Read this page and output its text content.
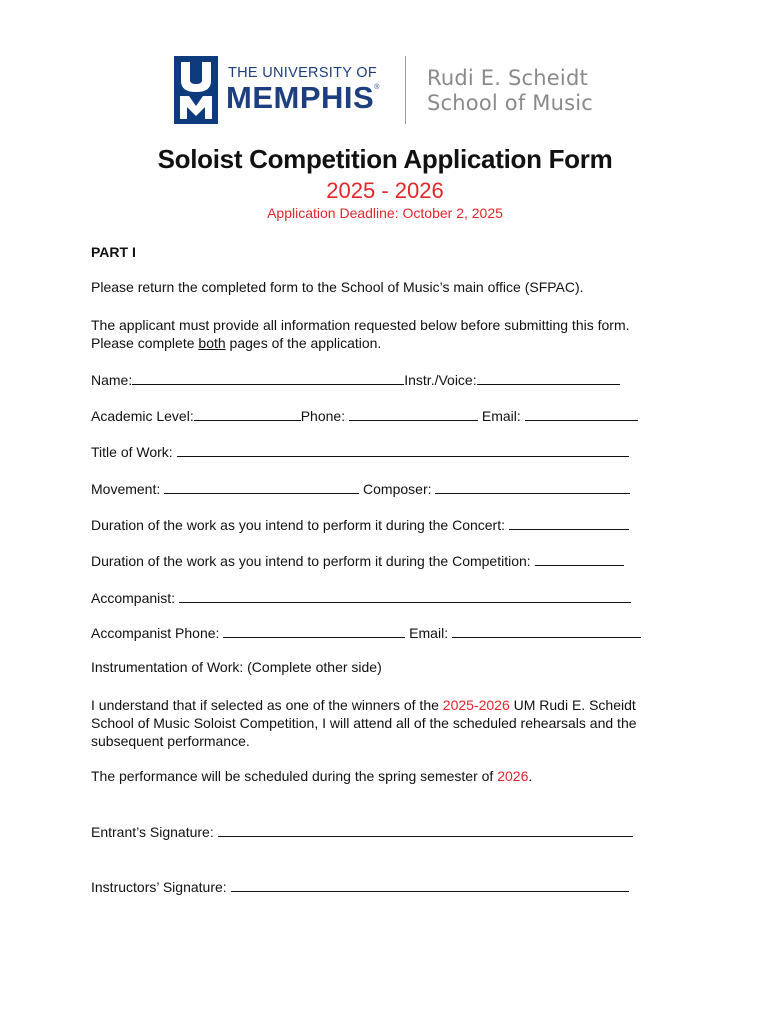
THE UNIVERSITY OF
MEMPHIS® Rudi E. Scheidt
School of Music
Soloist Competition Application Form
2025 - 2026
Application Deadline: October 2, 2025
PART I
Please return the completed form to the School of Music’s main office (SFPAC).
The applicant must provide all information requested below before submitting this form. Please complete both pages of the application.
Name:	Instr./Voice:
Academic Level:	Phone:	Email:
Title of Work:
Movement:	Composer:
Duration of the work as you intend to perform it during the Concert:
Duration of the work as you intend to perform it during the Competition:
Accompanist:
Accompanist Phone:	Email:
Instrumentation of Work: (Complete other side)
I understand that if selected as one of the winners of the 2025-2026 UM Rudi E. Scheidt School of Music Soloist Competition, I will attend all of the scheduled rehearsals and the subsequent performance.
The performance will be scheduled during the spring semester of 2026.
Entrant’s Signature:
Instructors’ Signature:
